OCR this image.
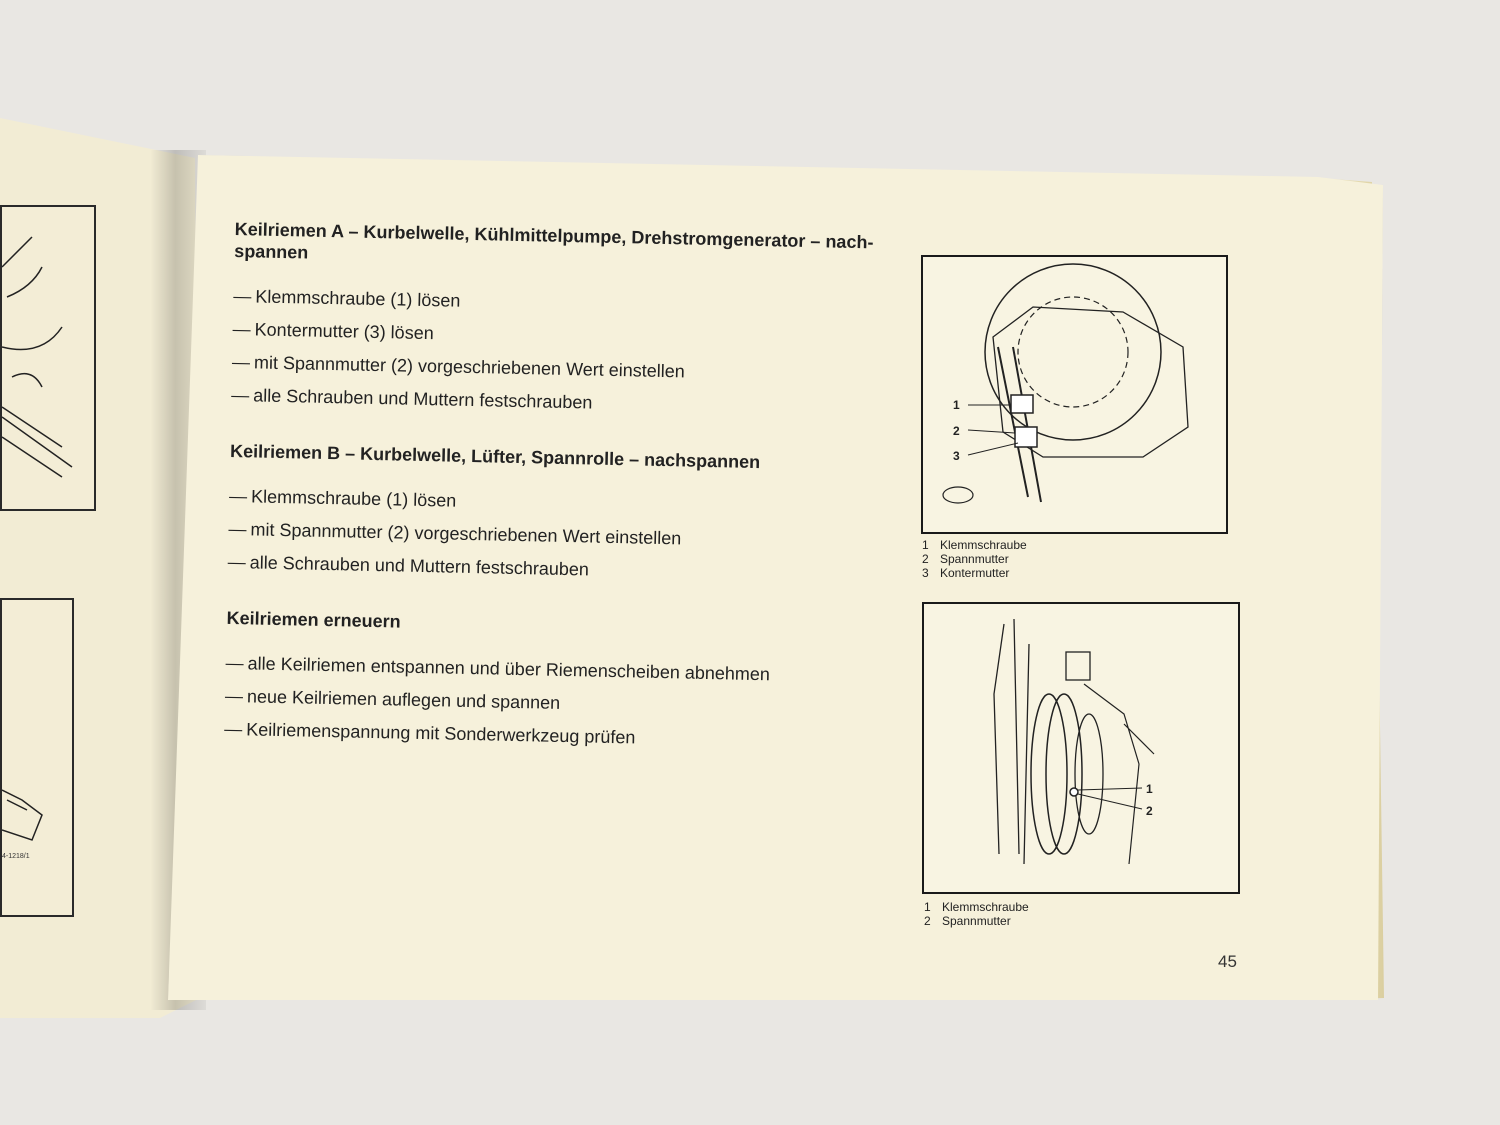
4-1218/1
Keilriemen A – Kurbelwelle, Kühlmittelpumpe, Drehstromgenerator – nach-spannen
— Klemmschraube (1) lösen
— Kontermutter (3) lösen
— mit Spannmutter (2) vorgeschriebenen Wert einstellen
— alle Schrauben und Muttern festschrauben
Keilriemen B – Kurbelwelle, Lüfter, Spannrolle – nachspannen
— Klemmschraube (1) lösen
— mit Spannmutter (2) vorgeschriebenen Wert einstellen
— alle Schrauben und Muttern festschrauben
Keilriemen erneuern
— alle Keilriemen entspannen und über Riemenscheiben abnehmen
— neue Keilriemen auflegen und spannen
— Keilriemenspannung mit Sonderwerkzeug prüfen
1
2
3
1 Klemmschraube
2 Spannmutter
3 Kontermutter
1
2
1 Klemmschraube
2 Spannmutter
45
